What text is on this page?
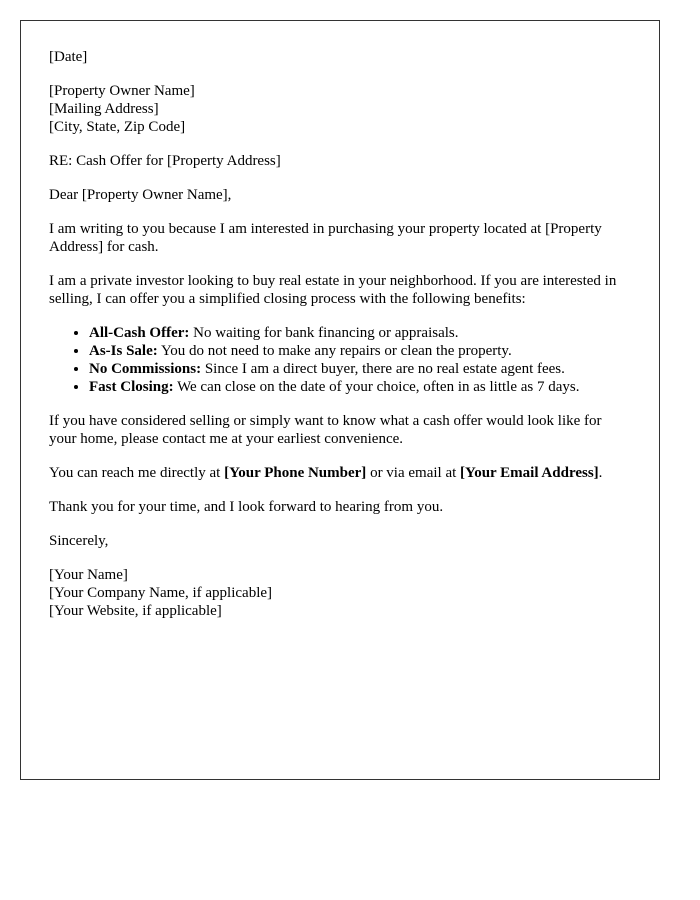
[Date]

[Property Owner Name]
[Mailing Address]
[City, State, Zip Code]

RE: Cash Offer for [Property Address]

Dear [Property Owner Name],

I am writing to you because I am interested in purchasing your property located at [Property Address] for cash.

I am a private investor looking to buy real estate in your neighborhood. If you are interested in selling, I can offer you a simplified closing process with the following benefits:

• All-Cash Offer: No waiting for bank financing or appraisals.
• As-Is Sale: You do not need to make any repairs or clean the property.
• No Commissions: Since I am a direct buyer, there are no real estate agent fees.
• Fast Closing: We can close on the date of your choice, often in as little as 7 days.

If you have considered selling or simply want to know what a cash offer would look like for your home, please contact me at your earliest convenience.

You can reach me directly at [Your Phone Number] or via email at [Your Email Address].

Thank you for your time, and I look forward to hearing from you.

Sincerely,

[Your Name]
[Your Company Name, if applicable]
[Your Website, if applicable]
